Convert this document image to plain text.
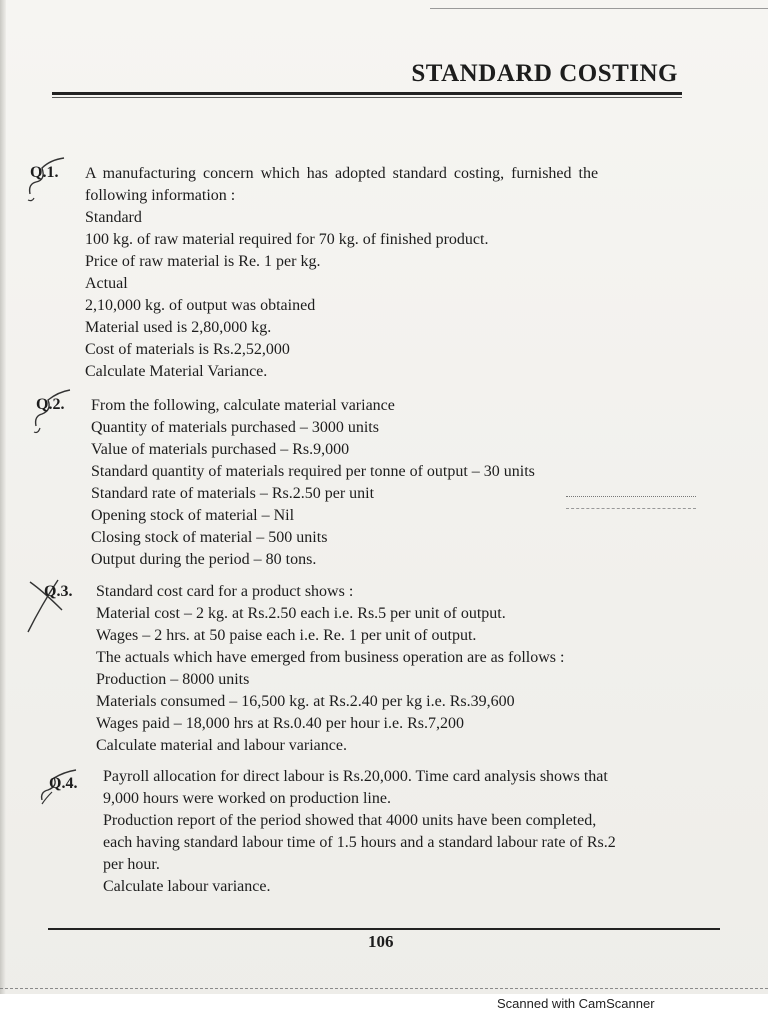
STANDARD COSTING
Q.1. A manufacturing concern which has adopted standard costing, furnished the
following information :
Standard
100 kg. of raw material required for 70 kg. of finished product.
Price of raw material is Re. 1 per kg.
Actual
2,10,000 kg. of output was obtained
Material used is 2,80,000 kg.
Cost of materials is Rs.2,52,000
Calculate Material Variance.
Q.2. From the following, calculate material variance
Quantity of materials purchased – 3000 units
Value of materials purchased – Rs.9,000
Standard quantity of materials required per tonne of output – 30 units
Standard rate of materials – Rs.2.50 per unit
Opening stock of material – Nil
Closing stock of material – 500 units
Output during the period – 80 tons.
Q.3. Standard cost card for a product shows :
Material cost – 2 kg. at Rs.2.50 each i.e. Rs.5 per unit of output.
Wages – 2 hrs. at 50 paise each i.e. Re. 1 per unit of output.
The actuals which have emerged from business operation are as follows :
Production – 8000 units
Materials consumed – 16,500 kg. at Rs.2.40 per kg i.e. Rs.39,600
Wages paid – 18,000 hrs at Rs.0.40 per hour i.e. Rs.7,200
Calculate material and labour variance.
Q.4. Payroll allocation for direct labour is Rs.20,000. Time card analysis shows that
9,000 hours were worked on production line.
Production report of the period showed that 4000 units have been completed,
each having standard labour time of 1.5 hours and a standard labour rate of Rs.2
per hour.
Calculate labour variance.
106
Scanned with CamScanner
